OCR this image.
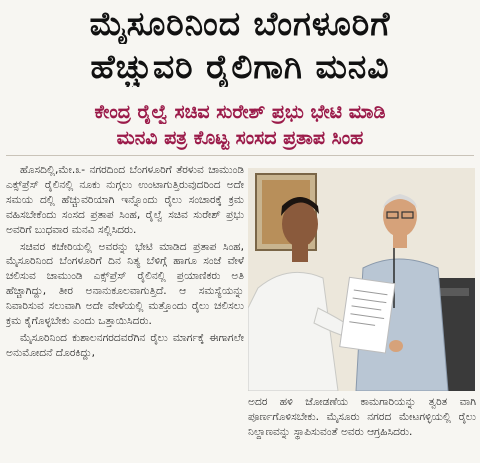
ಮೈಸೂರಿನಿಂದ ಬೆಂಗಳೂರಿಗೆ
ಹೆಚ್ಚುವರಿ ರೈಲಿಗಾಗಿ ಮನವಿ
ಕೇಂದ್ರ ರೈಲ್ವೆ ಸಚಿವ ಸುರೇಶ್ ಪ್ರಭು ಭೇಟಿ ಮಾಡಿ
ಮನವಿ ಪತ್ರ ಕೊಟ್ಟ ಸಂಸದ ಪ್ರತಾಪ ಸಿಂಹ

ಹೊಸದಿಲ್ಲಿ,ಮೇ.೩- ನಗರದಿಂದ ಬೆಂಗಳೂರಿಗೆ ತೆರಳುವ ಚಾಮುಂಡಿ ಎಕ್ಸ್‌ಪ್ರೆಸ್ ರೈಲಿನಲ್ಲಿ ನೂಕು ನುಗ್ಗಲು ಉಂಟಾಗುತ್ತಿರುವುದರಿಂದ ಅದೇ ಸಮಯ ದಲ್ಲಿ ಹೆಚ್ಚುವರಿಯಾಗಿ ಇನ್ನೊಂದು ರೈಲು ಸಂಚಾರಕ್ಕೆ ಕ್ರಮ ವಹಿಸಬೇಕೆಂದು ಸಂಸದ ಪ್ರತಾಪ ಸಿಂಹ, ರೈಲ್ವೆ ಸಚಿವ ಸುರೇಶ್ ಪ್ರಭು ಅವರಿಗೆ ಬುಧವಾರ ಮನವಿ ಸಲ್ಲಿಸಿದರು.

ಸಚಿವರ ಕಚೇರಿಯಲ್ಲಿ ಅವರನ್ನು ಭೇಟಿ ಮಾಡಿದ ಪ್ರತಾಪ ಸಿಂಹ, ಮೈಸೂರಿನಿಂದ ಬೆಂಗಳೂರಿಗೆ ದಿನ ನಿತ್ಯ ಬೆಳಿಗ್ಗೆ ಹಾಗೂ ಸಂಜೆ ವೇಳೆ ಚಲಿಸುವ ಚಾಮುಂಡಿ ಎಕ್ಸ್‌ಪ್ರೆಸ್ ರೈಲಿನಲ್ಲಿ ಪ್ರಯಾಣಿಕರು ಅತಿ ಹೆಚ್ಚಾಗಿದ್ದು, ತೀರ ಅನಾನುಕೂಲವಾಗುತ್ತಿದೆ. ಆ ಸಮಸ್ಯೆಯನ್ನು ನಿವಾರಿಸುವ ಸಲುವಾಗಿ ಅದೇ ವೇಳೆಯಲ್ಲಿ ಮತ್ತೊಂದು ರೈಲು ಚಲಿಸಲು ಕ್ರಮ ಕೈಗೊಳ್ಳಬೇಕು ಎಂದು ಒತ್ತಾಯಿಸಿದರು.

ಮೈಸೂರಿನಿಂದ ಕುಶಾಲನಗರದವರೆಗಿನ ರೈಲು ಮಾರ್ಗಕ್ಕೆ ಈಗಾಗಲೇ ಅನುಮೋದನೆ ದೊರಕಿದ್ದು,

ಅದರ ಹಳಿ ಜೋಡಣೆಯ ಕಾಮಗಾರಿಯನ್ನು ತ್ವರಿತ ವಾಗಿ ಪೂರ್ಣಗೊಳಿಸಬೇಕು. ಮೈಸೂರು ನಗರದ ಮೇಟಗಳ್ಳಿಯಲ್ಲಿ ರೈಲು ನಿಲ್ದಾಣವನ್ನು ಸ್ಥಾಪಿಸುವಂತೆ ಅವರು ಆಗ್ರಹಿಸಿದರು.
